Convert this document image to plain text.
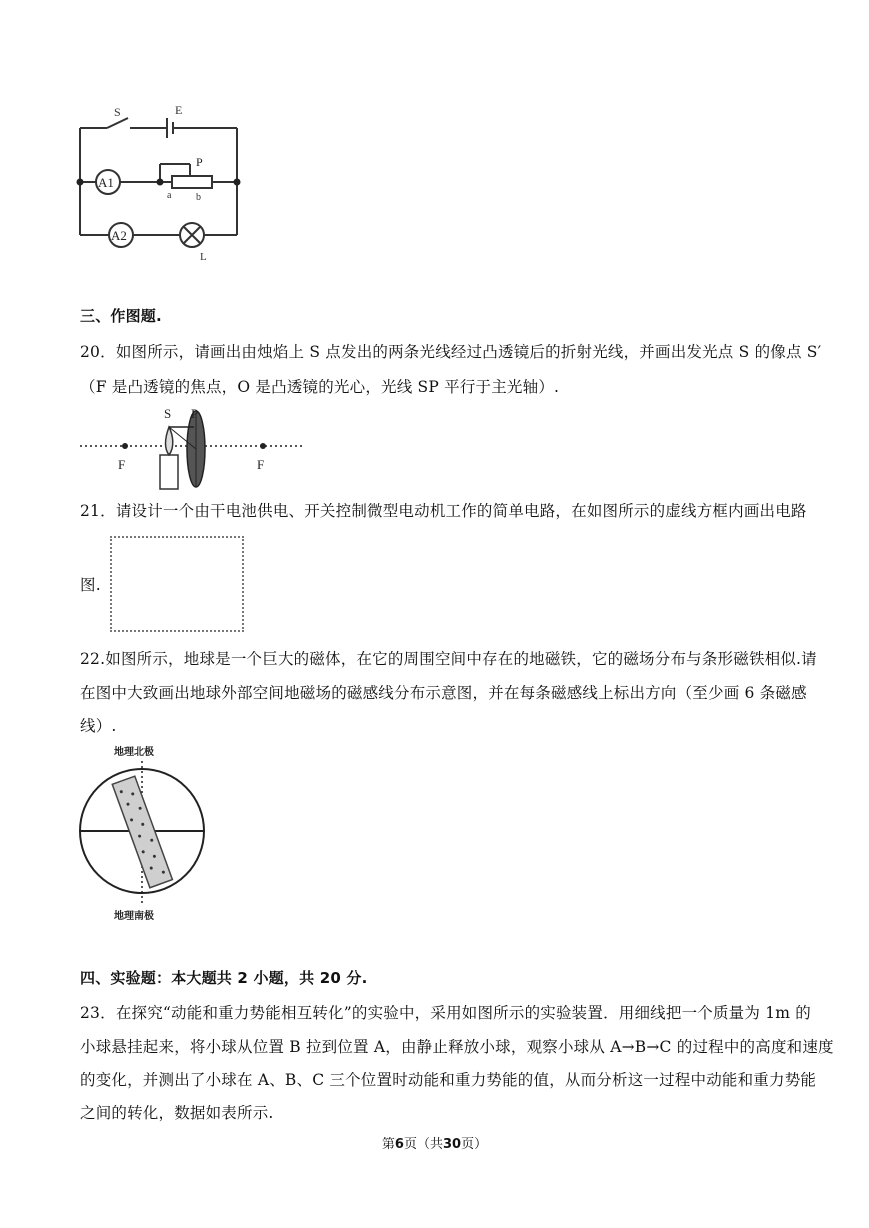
S	E
A1
A2
P
a b
L
三、作图题.
20．如图所示，请画出由烛焰上 S 点发出的两条光线经过凸透镜后的折射光线，并画出发光点 S 的像点 S′
（F 是凸透镜的焦点，O 是凸透镜的光心，光线 SP 平行于主光轴）.
S P
F	F
21．请设计一个由干电池供电、开关控制微型电动机工作的简单电路，在如图所示的虚线方框内画出电路
图.
22.如图所示，地球是一个巨大的磁体，在它的周围空间中存在的地磁铁，它的磁场分布与条形磁铁相似.请
在图中大致画出地球外部空间地磁场的磁感线分布示意图，并在每条磁感线上标出方向（至少画 6 条磁感
线）.
地理北极
地理南极
四、实验题：本大题共 2 小题，共 20 分.
23．在探究“动能和重力势能相互转化”的实验中，采用如图所示的实验装置．用细线把一个质量为 1m 的
小球悬挂起来，将小球从位置 B 拉到位置 A，由静止释放小球，观察小球从 A→B→C 的过程中的高度和速度
的变化，并测出了小球在 A、B、C 三个位置时动能和重力势能的值，从而分析这一过程中动能和重力势能
之间的转化，数据如表所示.
第6页（共30页）
